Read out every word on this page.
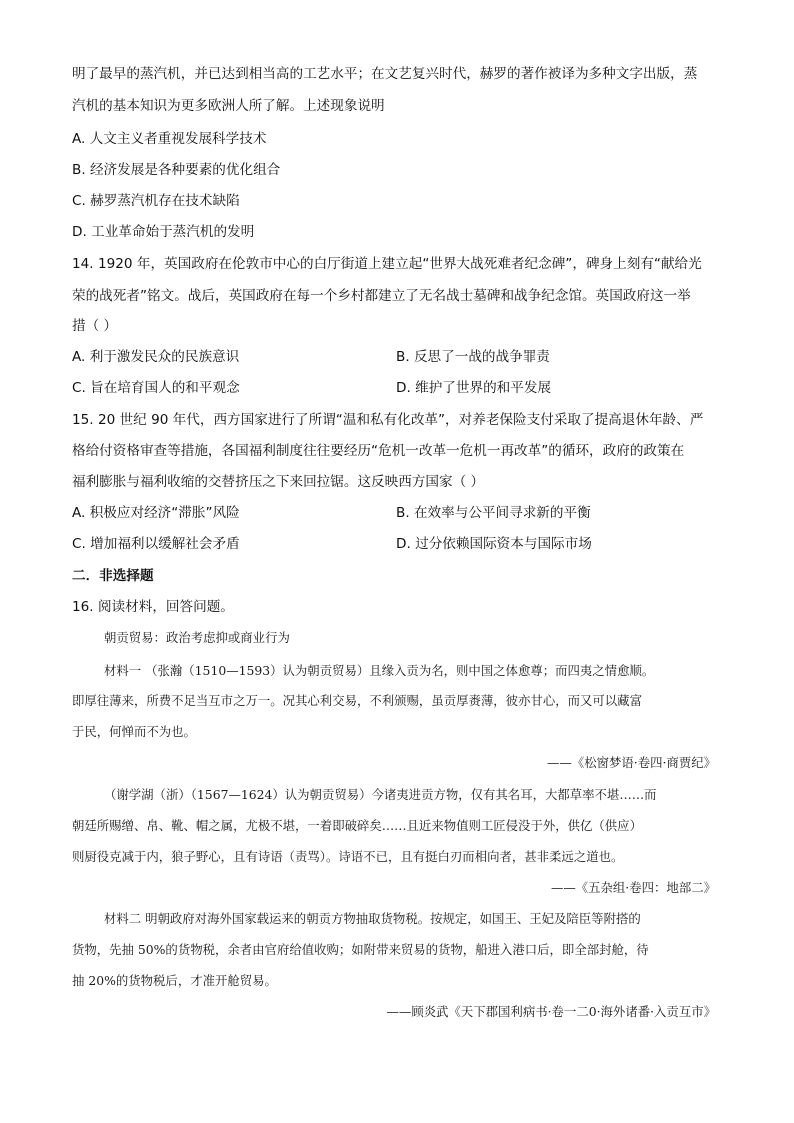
明了最早的蒸汽机，并已达到相当高的工艺水平；在文艺复兴时代，赫罗的著作被译为多种文字出版，蒸
汽机的基本知识为更多欧洲人所了解。上述现象说明
A. 人文主义者重视发展科学技术
B. 经济发展是各种要素的优化组合
C. 赫罗蒸汽机存在技术缺陷
D. 工业革命始于蒸汽机的发明
14. 1920 年，英国政府在伦敦市中心的白厅街道上建立起“世界大战死难者纪念碑”，碑身上刻有“献给光
荣的战死者”铭文。战后，英国政府在每一个乡村都建立了无名战士墓碑和战争纪念馆。英国政府这一举
措（ ）
A. 利于激发民众的民族意识	B. 反思了一战的战争罪责
C. 旨在培育国人的和平观念	D. 维护了世界的和平发展
15. 20 世纪 90 年代，西方国家进行了所谓“温和私有化改革”，对养老保险支付采取了提高退休年龄、严
格给付资格审查等措施，各国福利制度往往要经历“危机一改革一危机一再改革”的循环，政府的政策在
福利膨胀与福利收缩的交替挤压之下来回拉锯。这反映西方国家（ ）
A. 积极应对经济“滞胀”风险	B. 在效率与公平间寻求新的平衡
C. 增加福利以缓解社会矛盾	D. 过分依赖国际资本与国际市场
二．非选择题
16. 阅读材料，回答问题。
朝贡贸易：政治考虑抑或商业行为
材料一 （张瀚（1510—1593）认为朝贡贸易）且缘入贡为名，则中国之体愈尊；而四夷之情愈顺。
即厚往薄来，所费不足当互市之万一。况其心利交易，不利颁赐，虽贡厚赉薄，彼亦甘心，而又可以藏富
于民，何惮而不为也。
——《松窗梦语·卷四·商贾纪》
（谢学湖（浙）（1567—1624）认为朝贡贸易）今诸夷进贡方物，仅有其名耳，大都草率不堪……而
朝廷所赐缯、帛、靴、帽之属，尤极不堪，一着即破碎矣……且近来物值则工匠侵没于外，供亿（供应）
则厨役克减于内，狼子野心，且有诗语（责骂）。诗语不已，且有挺白刃而相向者，甚非柔远之道也。
——《五杂组·卷四：地部二》
材料二 明朝政府对海外国家载运来的朝贡方物抽取货物税。按规定，如国王、王妃及陪臣等附搭的
货物，先抽 50%的货物税，余者由官府给值收购；如附带来贸易的货物，船进入港口后，即全部封舱，待
抽 20%的货物税后，才准开舱贸易。
——顾炎武《天下郡国利病书·卷一二0·海外诸番·入贡互市》
